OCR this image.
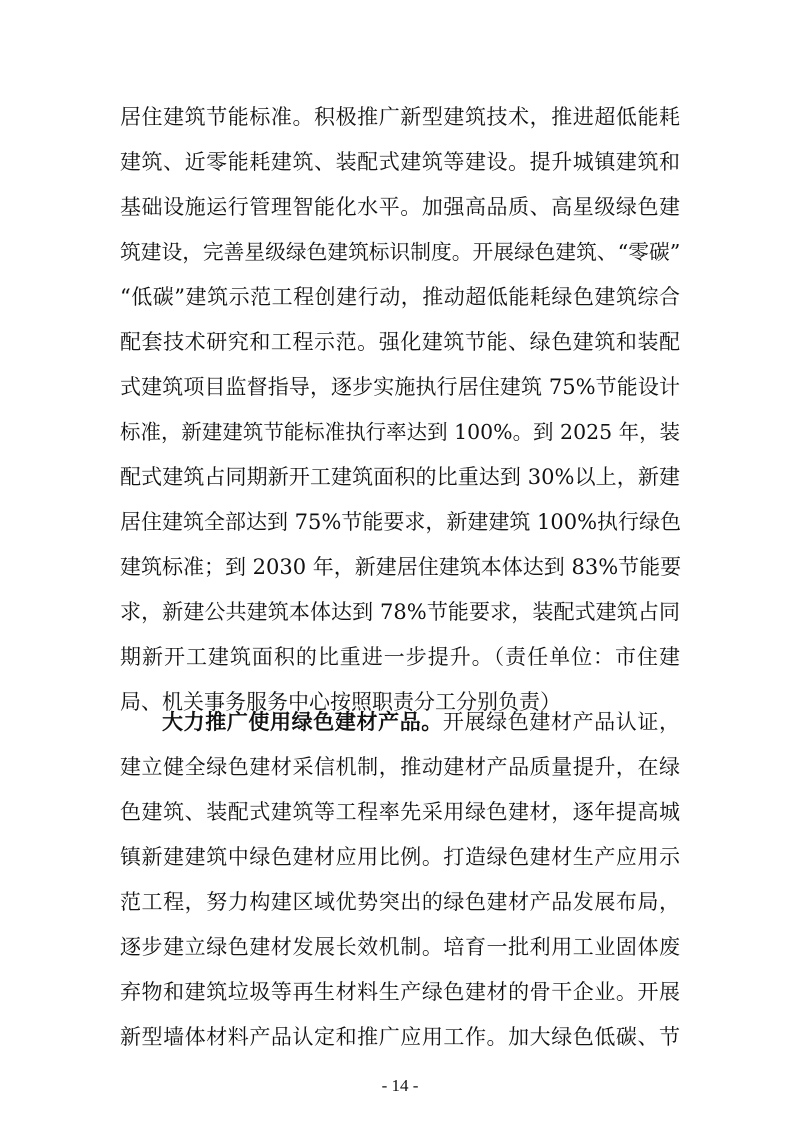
居住建筑节能标准。积极推广新型建筑技术，推进超低能耗
建筑、近零能耗建筑、装配式建筑等建设。提升城镇建筑和
基础设施运行管理智能化水平。加强高品质、高星级绿色建
筑建设，完善星级绿色建筑标识制度。开展绿色建筑、“零碳”
“低碳”建筑示范工程创建行动，推动超低能耗绿色建筑综合
配套技术研究和工程示范。强化建筑节能、绿色建筑和装配
式建筑项目监督指导，逐步实施执行居住建筑 75%节能设计
标准，新建建筑节能标准执行率达到 100%。到 2025 年，装
配式建筑占同期新开工建筑面积的比重达到 30%以上，新建
居住建筑全部达到 75%节能要求，新建建筑 100%执行绿色
建筑标准；到 2030 年，新建居住建筑本体达到 83%节能要
求，新建公共建筑本体达到 78%节能要求，装配式建筑占同
期新开工建筑面积的比重进一步提升。（责任单位：市住建
局、机关事务服务中心按照职责分工分别负责）
大力推广使用绿色建材产品。开展绿色建材产品认证，
建立健全绿色建材采信机制，推动建材产品质量提升，在绿
色建筑、装配式建筑等工程率先采用绿色建材，逐年提高城
镇新建建筑中绿色建材应用比例。打造绿色建材生产应用示
范工程，努力构建区域优势突出的绿色建材产品发展布局，
逐步建立绿色建材发展长效机制。培育一批利用工业固体废
弃物和建筑垃圾等再生材料生产绿色建材的骨干企业。开展
新型墙体材料产品认定和推广应用工作。加大绿色低碳、节
- 14 -
